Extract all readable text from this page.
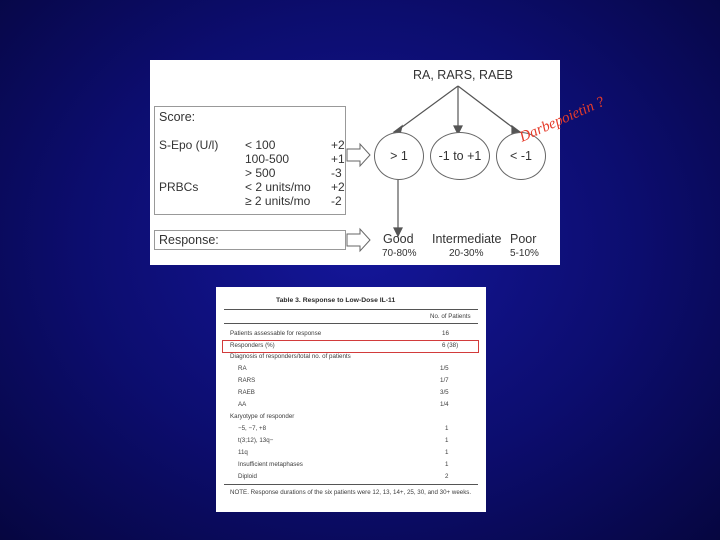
RA, RARS, RAEB
Score:
S-Epo (U/l) < 100	+2
100-500	+1
> 500	-3
PRBCs	< 2 units/mo +2
≥ 2 units/mo -2
> 1 -1 to +1 < -1
Response:	Good
70-80%
Intermediate
20-30%
Poor
5-10%
Darbepoietin ?
Table 3. Response to Low-Dose IL-11
No. of Patients
Patients assessable for response	16
Responders (%)	6 (38)
Diagnosis of responders/total no. of patients
RA	1/5
RARS	1/7
RAEB	3/5
AA	1/4
Karyotype of responder
−5, −7, +8	1
t(3;12), 13q−	1
11q	1
Insufficient metaphases	1
Diploid	2
NOTE. Response durations of the six patients were 12, 13, 14+, 25, 30, and 30+ weeks.
